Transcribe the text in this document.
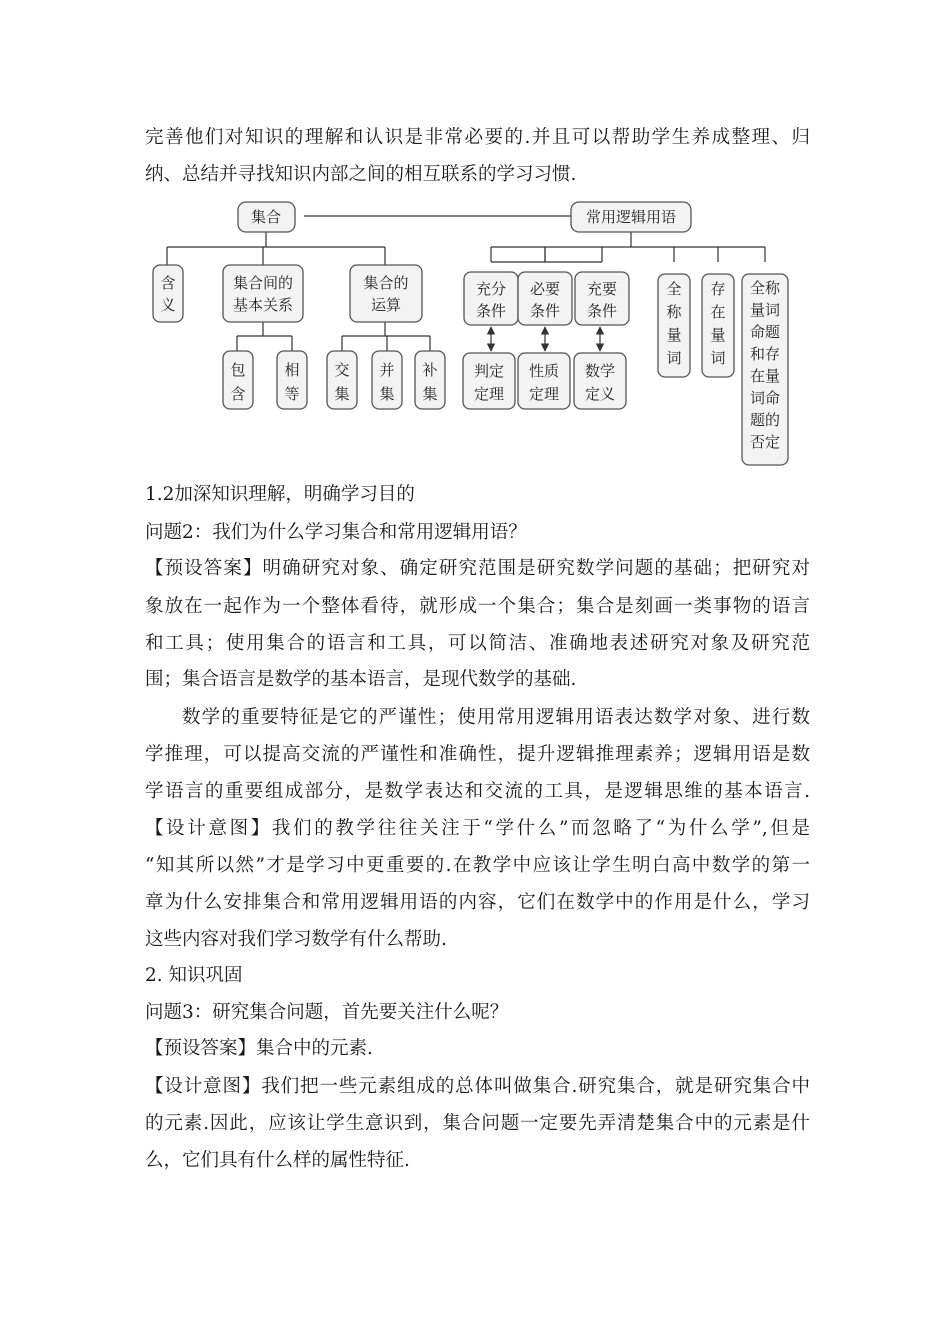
完善他们对知识的理解和认识是非常必要的.并且可以帮助学生养成整理、归
纳、总结并寻找知识内部之间的相互联系的学习习惯.
集合	常用逻辑用语
含
义
集合间的
基本关系
集合的
运算
包
含
相
等
交
集
并
集
补
集
充分
条件
必要
条件
充要
条件
判定
定理
性质
定理
数学
定义
全
称
量
词
存
在
量
词
全称
量词
命题
和存
在量
词命
题的
否定
1.2加深知识理解，明确学习目的
问题2：我们为什么学习集合和常用逻辑用语？
【预设答案】明确研究对象、确定研究范围是研究数学问题的基础；把研究对
象放在一起作为一个整体看待，就形成一个集合；集合是刻画一类事物的语言
和工具；使用集合的语言和工具，可以简洁、准确地表述研究对象及研究范
围；集合语言是数学的基本语言，是现代数学的基础.
数学的重要特征是它的严谨性；使用常用逻辑用语表达数学对象、进行数
学推理，可以提高交流的严谨性和准确性，提升逻辑推理素养；逻辑用语是数
学语言的重要组成部分，是数学表达和交流的工具，是逻辑思维的基本语言.
【设计意图】我们的教学往往关注于“学什么”而忽略了“为什么学”,但是
“知其所以然”才是学习中更重要的.在教学中应该让学生明白高中数学的第一
章为什么安排集合和常用逻辑用语的内容，它们在数学中的作用是什么，学习
这些内容对我们学习数学有什么帮助.
2. 知识巩固
问题3：研究集合问题，首先要关注什么呢？
【预设答案】集合中的元素.
【设计意图】我们把一些元素组成的总体叫做集合.研究集合，就是研究集合中
的元素.因此，应该让学生意识到，集合问题一定要先弄清楚集合中的元素是什
么，它们具有什么样的属性特征.
